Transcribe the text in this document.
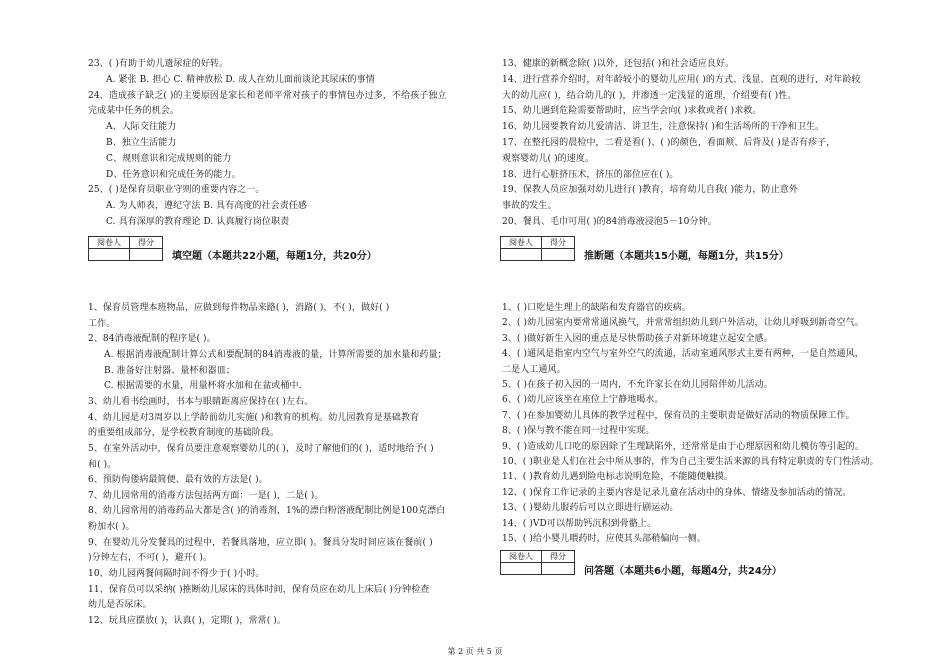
23、( )有助于幼儿遗尿症的好转。
A. 紧张 B. 担心 C. 精神放松 D. 成人在幼儿面前谈论其尿床的事情
24、造成孩子缺乏( )的主要原因是家长和老师平常对孩子的事情包办过多，不给孩子独立
完成某中任务的机会。
A、人际交往能力
B、独立生活能力
C、规则意识和完成规则的能力
D、任务意识和完成任务的能力。
25、( )是保育员职业守则的重要内容之一。
A. 为人师表，遵纪守法 B. 具有高度的社会责任感
C. 具有深厚的教育理论 D. 认真履行岗位职责
阅卷人	得分

填空题（本题共22小题，每题1分，共20分）
1、保育员管理本班物品，应做到每件物品来路( )，消路( )，不( )，做好( )
工作。
2、84消毒液配制的程序是( )。
A. 根据消毒液配制计算公式和要配制的84消毒液的量，计算所需要的加水量和药量；
B. 准备好注射器、量杯和器皿；
C. 根据需要的水量，用量杯将水加和在盆或桶中.
3、幼儿看书绘画时，书本与眼睛距离应保持在( )左右。
4、幼儿园是对3周岁以上学龄前幼儿实施( )和教育的机构。幼儿园教育是基础教育
的重要组成部分，是学校教育制度的基础阶段。
5、在室外活动中，保育员要注意观察婴幼儿的( )，及时了解他们的( )，适时地给予( )
和( )。
6、预防佝偻病最简便、最有效的方法是( )。
7、幼儿园常用的消毒方法包括两方面：一是( )，二是( )。
8、幼儿园常用的消毒药品大都是含( )的消毒剂，1%的漂白粉溶液配制比例是100克漂白
粉加水( )。
9、在婴幼儿分发餐具的过程中，若餐具落地，应立即( )。餐具分发时间应该在餐前( )
)分钟左右，不可( )，避开( )。
10、幼儿园两餐间隔时间不得少于( )小时。
11、保育员可以采纳( )推断幼儿尿床的具体时间，保育员应在幼儿上床后( )分钟检查
幼儿是否尿床。
12、玩具应摆放( )，认真( )，定期( )，常常( )。
13、健康的新概念除( )以外，还包括( )和社会适应良好。
14、进行营养介绍时，对年龄较小的婴幼儿应用( )的方式、浅显、直观的进行，对年龄较
大的幼儿应( )，结合幼儿的( )，并渗透一定浅显的道理，介绍要有( )性。
15、幼儿遇到危险需要帮助时，应当学会向( )求救或者( )求救。
16、幼儿园要教育幼儿爱清洁、讲卫生，注意保持( )和生活场所的干净和卫生。
17、在整托园的晨检中，二看是看( )、( )的颜色，看面颊、后背及( )是否有疹子，
观察婴幼儿( )的速度。
18、进行心脏挤压术，挤压的部位应在( )。
19、保教人员应加强对幼儿进行( )教育，培育幼儿自我( )能力，防止意外
事故的发生。
20、餐具、毛巾可用( )的84消毒液浸泡5－10分钟。
阅卷人	得分

推断题（本题共15小题，每题1分，共15分）
1、( )口吃是生理上的缺陷和发育器官的疾病。
2、( )幼儿园室内要常常通风换气，并常常组织幼儿到户外活动，让幼儿呼吸到新奇空气。
3、( )做好新生入园的重点是尽快帮助孩子对新环境建立起安全感。
4、( )通风是指室内空气与室外空气的流通，活动室通风形式主要有两种，一是自然通风，
二是人工通风。
5、( )在孩子初入园的一周内，不允许家长在幼儿园陪伴幼儿活动。
6、( )幼儿应该坐在座位上宁静地喝水。
7、( )在参加婴幼儿具体的教学过程中，保育员的主要职责是做好活动的物质保障工作。
8、( )保与教不能在同一过程中实现。
9、( )造成幼儿口吃的原因除了生理缺陷外，还常常是由于心理原因和幼儿模仿等引起的。
10、( )职业是人们在社会中所从事的，作为自己主要生活来源的具有特定职责的专门性活动。
11、( )教育幼儿遇到险电标志说明危险，不能随便触摸。
12、( )保育工作记录的主要内容是记录儿童在活动中的身体、情绪及参加活动的情况。
13、( )婴幼儿服药后可以立即进行剧运动。
14、( )VD可以帮助钙沉积到骨骼上。
15、( )给小婴儿喂药时，应使其头部稍偏向一侧。
阅卷人	得分

问答题（本题共6小题，每题4分，共24分）
第 2 页 共 5 页
